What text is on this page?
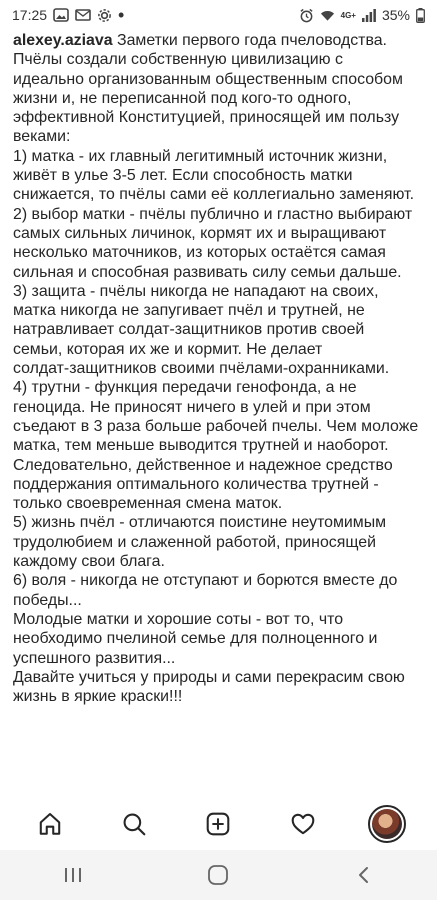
17:25	•	4G+ 35%
alexey.aziava Заметки первого года пчеловодства.
Пчёлы создали собственную цивилизацию с
идеально организованным общественным способом
жизни и, не переписанной под кого-то одного,
эффективной Конституцией, приносящей им пользу
веками:
1) матка - их главный легитимный источник жизни,
живёт в улье 3-5 лет. Если способность матки
снижается, то пчёлы сами её коллегиально заменяют.
2) выбор матки - пчёлы публично и гластно выбирают
самых сильных личинок, кормят их и выращивают
несколько маточников, из которых остаётся самая
сильная и способная развивать силу семьи дальше.
3) защита - пчёлы никогда не нападают на своих,
матка никогда не запугивает пчёл и трутней, не
натравливает солдат-защитников против своей
семьи, которая их же и кормит. Не делает
солдат-защитников своими пчёлами-охранниками.
4) трутни - функция передачи генофонда, а не
геноцида. Не приносят ничего в улей и при этом
съедают в 3 раза больше рабочей пчелы. Чем моложе
матка, тем меньше выводится трутней и наоборот.
Следовательно, действенное и надежное средство
поддержания оптимального количества трутней -
только своевременная смена маток.
5) жизнь пчёл - отличаются поистине неутомимым
трудолюбием и слаженной работой, приносящей
каждому свои блага.
6) воля - никогда не отступают и борются вместе до
победы...
Молодые матки и хорошие соты - вот то, что
необходимо пчелиной семье для полноценного и
успешного развития...
Давайте учиться у природы и сами перекрасим свою
жизнь в яркие краски!!!
